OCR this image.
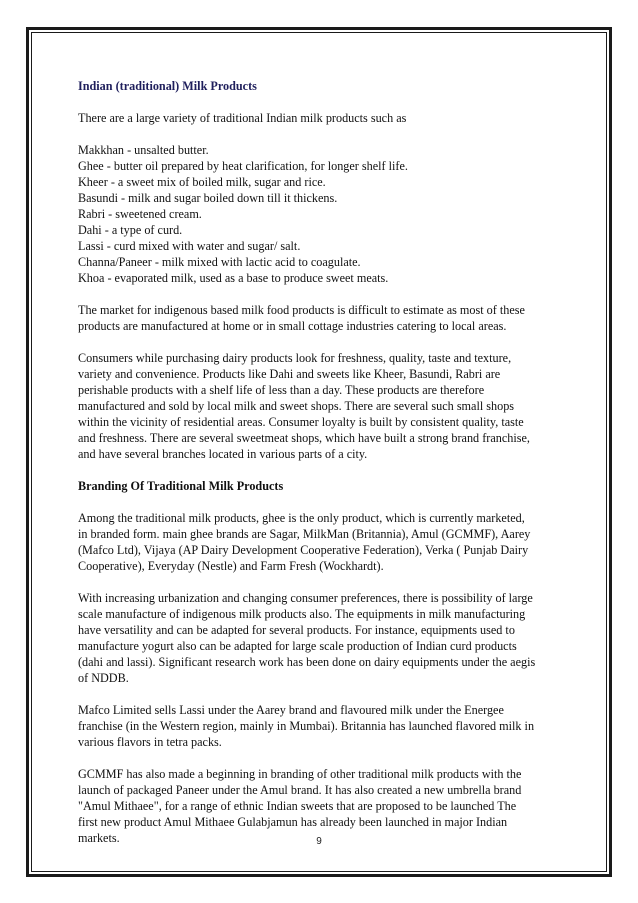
Indian (traditional) Milk Products

There are a large variety of traditional Indian milk products such as

Makkhan - unsalted butter.
Ghee - butter oil prepared by heat clarification, for longer shelf life.
Kheer - a sweet mix of boiled milk, sugar and rice.
Basundi - milk and sugar boiled down till it thickens.
Rabri - sweetened cream.
Dahi - a type of curd.
Lassi - curd mixed with water and sugar/ salt.
Channa/Paneer - milk mixed with lactic acid to coagulate.
Khoa - evaporated milk, used as a base to produce sweet meats.
The market for indigenous based milk food products is difficult to estimate as most of these
products are manufactured at home or in small cottage industries catering to local areas.
Consumers while purchasing dairy products look for freshness, quality, taste and texture,
variety and convenience. Products like Dahi and sweets like Kheer, Basundi, Rabri are
perishable products with a shelf life of less than a day. These products are therefore
manufactured and sold by local milk and sweet shops. There are several such small shops
within the vicinity of residential areas. Consumer loyalty is built by consistent quality, taste
and freshness. There are several sweetmeat shops, which have built a strong brand franchise,
and have several branches located in various parts of a city.

Branding Of Traditional Milk Products

Among the traditional milk products, ghee is the only product, which is currently marketed,
in branded form. main ghee brands are Sagar, MilkMan (Britannia), Amul (GCMMF), Aarey
(Mafco Ltd), Vijaya (AP Dairy Development Cooperative Federation), Verka ( Punjab Dairy
Cooperative), Everyday (Nestle) and Farm Fresh (Wockhardt).
With increasing urbanization and changing consumer preferences, there is possibility of large
scale manufacture of indigenous milk products also. The equipments in milk manufacturing
have versatility and can be adapted for several products. For instance, equipments used to
manufacture yogurt also can be adapted for large scale production of Indian curd products
(dahi and lassi). Significant research work has been done on dairy equipments under the aegis
of NDDB.
Mafco Limited sells Lassi under the Aarey brand and flavoured milk under the Energee
franchise (in the Western region, mainly in Mumbai). Britannia has launched flavored milk in
various flavors in tetra packs.
GCMMF has also made a beginning in branding of other traditional milk products with the
launch of packaged Paneer under the Amul brand. It has also created a new umbrella brand
"Amul Mithaee", for a range of ethnic Indian sweets that are proposed to be launched The
first new product Amul Mithaee Gulabjamun has already been launched in major Indian
markets.	9
